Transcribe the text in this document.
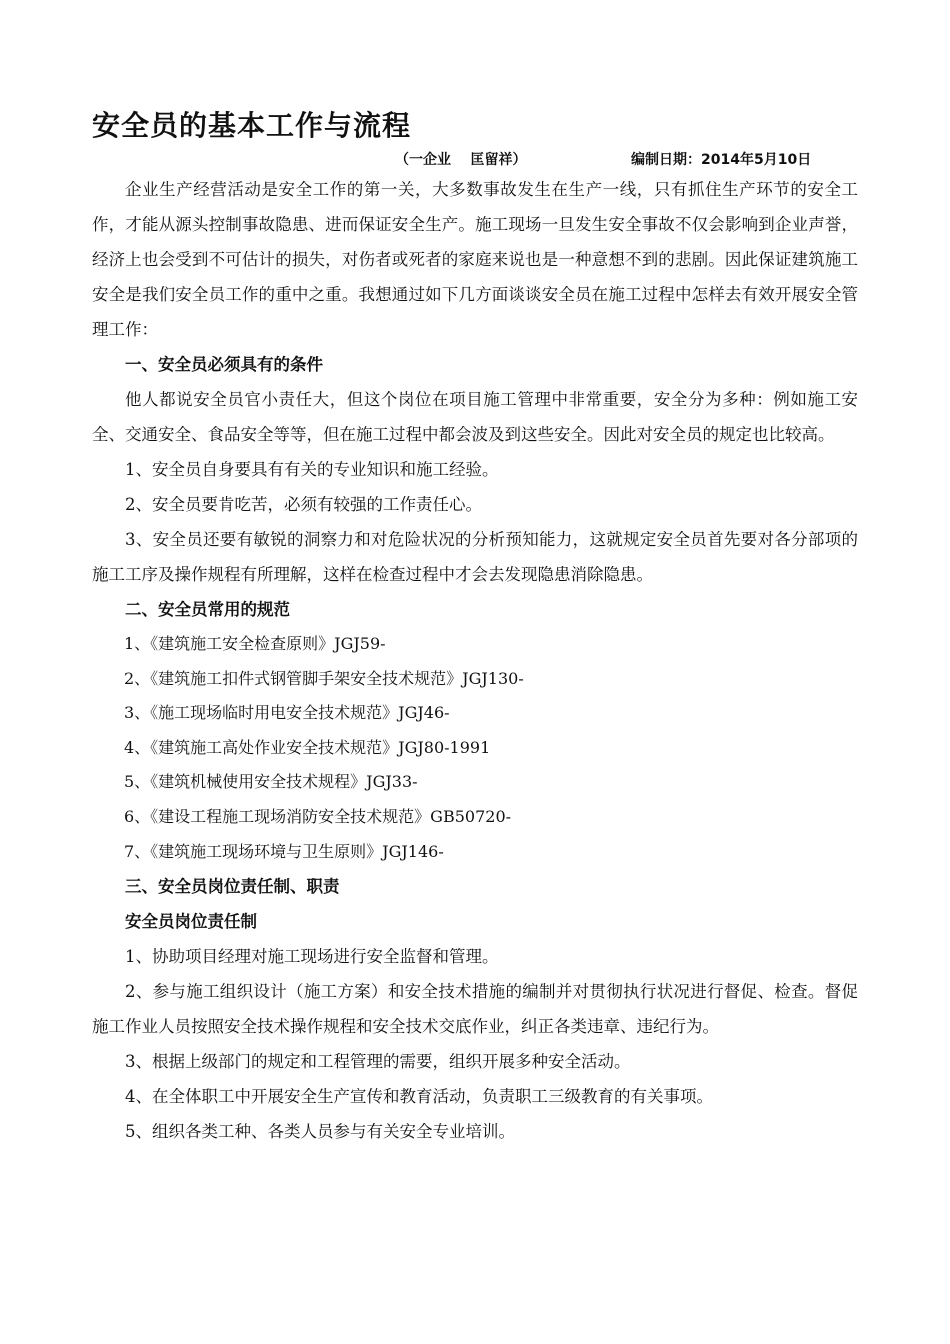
安全员的基本工作与流程
（一企业    匡留祥）	编制日期：2014年5月10日

企业生产经营活动是安全工作的第一关，大多数事故发生在生产一线，只有抓住生产环节的安全工作，才能从源头控制事故隐患、进而保证安全生产。施工现场一旦发生安全事故不仅会影响到企业声誉，经济上也会受到不可估计的损失，对伤者或死者的家庭来说也是一种意想不到的悲剧。因此保证建筑施工安全是我们安全员工作的重中之重。我想通过如下几方面谈谈安全员在施工过程中怎样去有效开展安全管理工作：

一、安全员必须具有的条件

他人都说安全员官小责任大，但这个岗位在项目施工管理中非常重要，安全分为多种：例如施工安全、交通安全、食品安全等等，但在施工过程中都会波及到这些安全。因此对安全员的规定也比较高。

1、安全员自身要具有有关的专业知识和施工经验。

2、安全员要肯吃苦，必须有较强的工作责任心。

3、安全员还要有敏锐的洞察力和对危险状况的分析预知能力，这就规定安全员首先要对各分部项的施工工序及操作规程有所理解，这样在检查过程中才会去发现隐患消除隐患。

二、安全员常用的规范

1、《建筑施工安全检查原则》JGJ59-

2、《建筑施工扣件式钢管脚手架安全技术规范》JGJ130-

3、《施工现场临时用电安全技术规范》JGJ46-

4、《建筑施工高处作业安全技术规范》JGJ80-1991

5、《建筑机械使用安全技术规程》JGJ33-

6、《建设工程施工现场消防安全技术规范》GB50720-

7、《建筑施工现场环境与卫生原则》JGJ146-

三、安全员岗位责任制、职责

安全员岗位责任制

1、协助项目经理对施工现场进行安全监督和管理。

2、参与施工组织设计（施工方案）和安全技术措施的编制并对贯彻执行状况进行督促、检查。督促施工作业人员按照安全技术操作规程和安全技术交底作业，纠正各类违章、违纪行为。

3、根据上级部门的规定和工程管理的需要，组织开展多种安全活动。

4、在全体职工中开展安全生产宣传和教育活动，负责职工三级教育的有关事项。

5、组织各类工种、各类人员参与有关安全专业培训。
